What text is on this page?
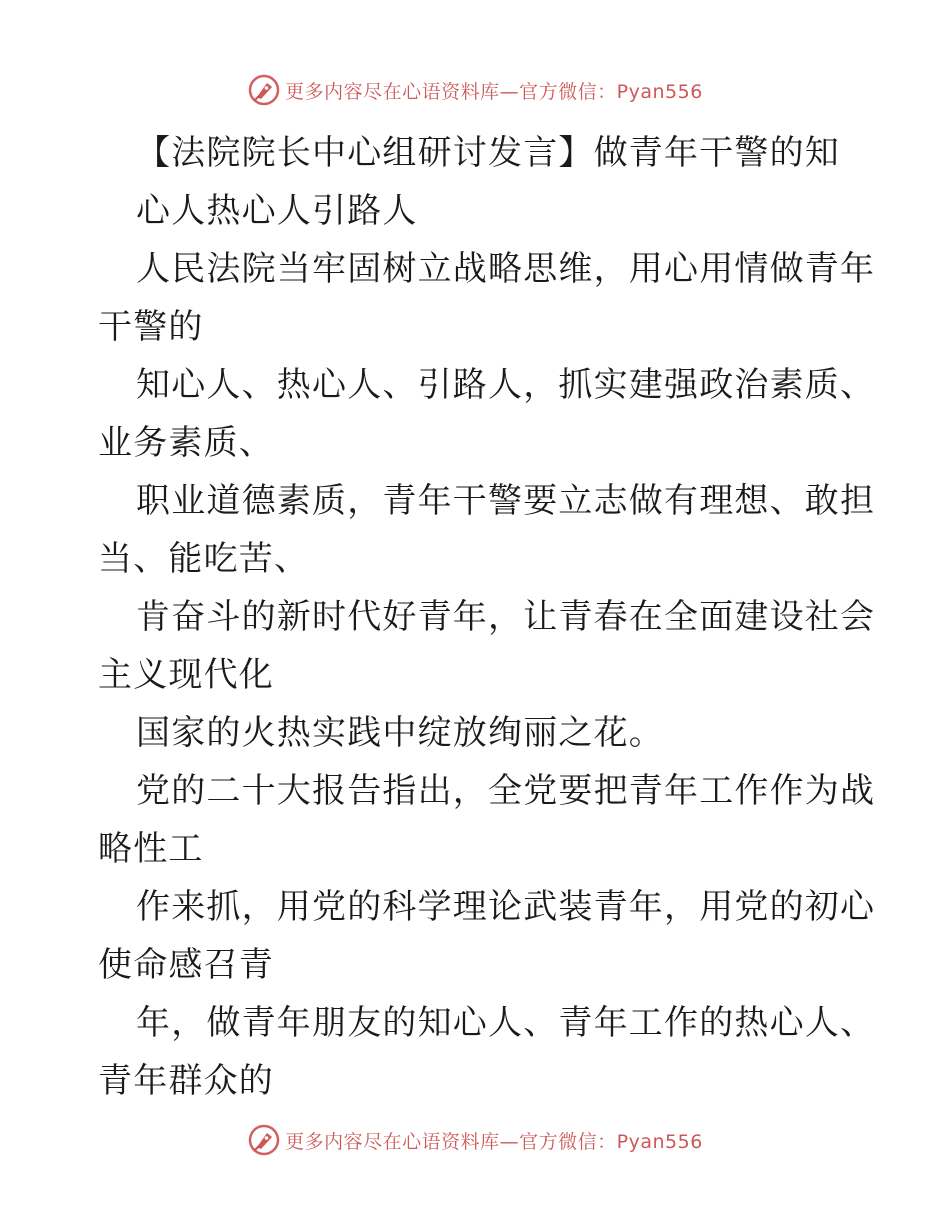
更多内容尽在心语资料库—官方微信：Pyan556
【法院院长中心组研讨发言】做青年干警的知
心人热心人引路人
人民法院当牢固树立战略思维，用心用情做青年
干警的
知心人、热心人、引路人，抓实建强政治素质、
业务素质、
职业道德素质，青年干警要立志做有理想、敢担
当、能吃苦、
肯奋斗的新时代好青年，让青春在全面建设社会
主义现代化
国家的火热实践中绽放绚丽之花。
党的二十大报告指出，全党要把青年工作作为战
略性工
作来抓，用党的科学理论武装青年，用党的初心
使命感召青
年，做青年朋友的知心人、青年工作的热心人、
青年群众的
更多内容尽在心语资料库—官方微信：Pyan556
